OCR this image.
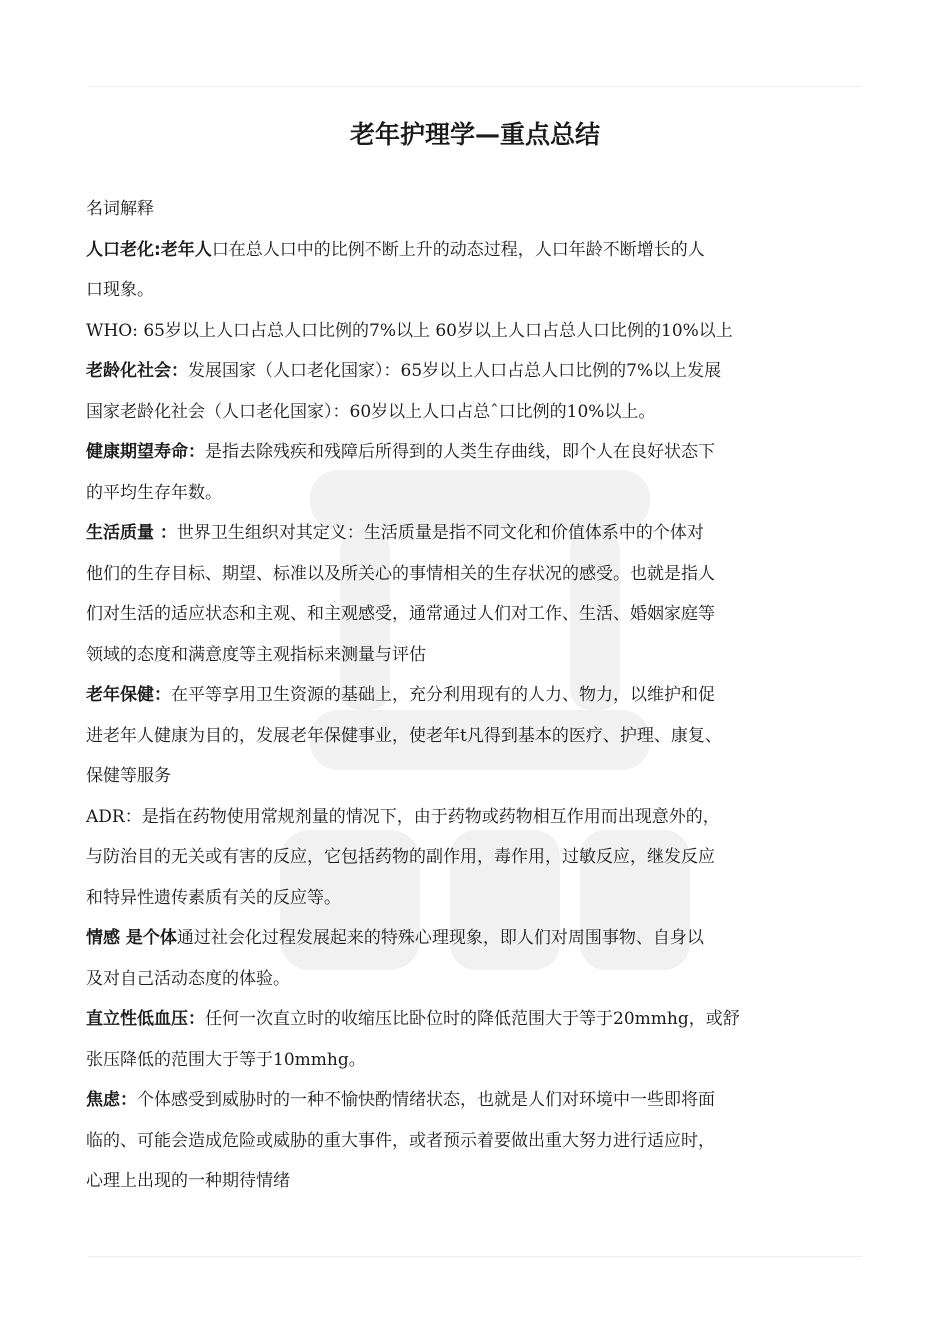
老年护理学—重点总结
名词解释
人口老化:老年人口在总人口中的比例不断上升的动态过程，人口年龄不断增长的人
口现象。
WHO: 65岁以上人口占总人口比例的7%以上 60岁以上人口占总人口比例的10%以上
老龄化社会：发展国家（人口老化国家）：65岁以上人口占总人口比例的7%以上发展
国家老龄化社会（人口老化国家）：60岁以上人口占总ˆ口比例的10%以上。
健康期望寿命：是指去除残疾和残障后所得到的人类生存曲线，即个人在良好状态下
的平均生存年数。
生活质量 ：世界卫生组织对其定义：生活质量是指不同文化和价值体系中的个体对
他们的生存目标、期望、标准以及所关心的事情相关的生存状况的感受。也就是指人
们对生活的适应状态和主观、和主观感受，通常通过人们对工作、生活、婚姻家庭等
领域的态度和满意度等主观指标来测量与评估
老年保健：在平等享用卫生资源的基础上，充分利用现有的人力、物力，以维护和促
进老年人健康为目的，发展老年保健事业，使老年t凡得到基本的医疗、护理、康复、
保健等服务
ADR：是指在药物使用常规剂量的情况下，由于药物或药物相互作用而出现意外的，
与防治目的无关或有害的反应，它包括药物的副作用，毒作用，过敏反应，继发反应
和特异性遗传素质有关的反应等。
情感 是个体通过社会化过程发展起来的特殊心理现象，即人们对周围事物、自身以
及对自己活动态度的体验。
直立性低血压：任何一次直立时的收缩压比卧位时的降低范围大于等于20mmhg，或舒
张压降低的范围大于等于10mmhg。
焦虑：个体感受到威胁时的一种不愉快酌情绪状态，也就是人们对环境中一些即将面
临的、可能会造成危险或威胁的重大事件，或者预示着要做出重大努力进行适应时，
心理上出现的一种期待情绪
